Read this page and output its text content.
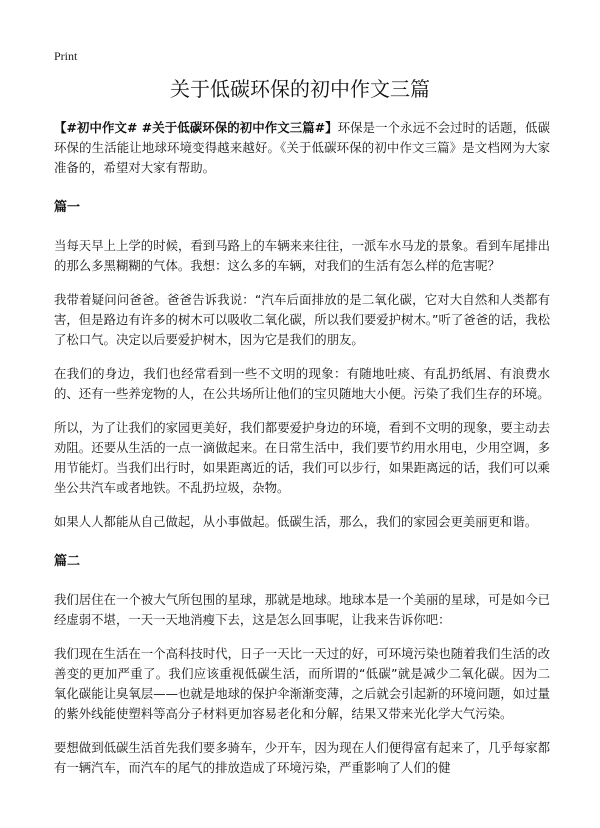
Print
关于低碳环保的初中作文三篇

【#初中作文# #关于低碳环保的初中作文三篇#】环保是一个永远不会过时的话题，低碳环保的生活能让地球环境变得越来越好。《关于低碳环保的初中作文三篇》是文档网为大家准备的，希望对大家有帮助。

篇一

当每天早上上学的时候，看到马路上的车辆来来往往，一派车水马龙的景象。看到车尾排出的那么多黑糊糊的气体。我想：这么多的车辆，对我们的生活有怎么样的危害呢？

我带着疑问问爸爸。爸爸告诉我说：“汽车后面排放的是二氧化碳，它对大自然和人类都有害，但是路边有许多的树木可以吸收二氧化碳，所以我们要爱护树木。”听了爸爸的话，我松了松口气。决定以后要爱护树木，因为它是我们的朋友。

在我们的身边，我们也经常看到一些不文明的现象：有随地吐痰、有乱扔纸屑、有浪费水的、还有一些养宠物的人，在公共场所让他们的宝贝随地大小便。污染了我们生存的环境。

所以，为了让我们的家园更美好，我们都要爱护身边的环境，看到不文明的现象，要主动去劝阻。还要从生活的一点一滴做起来。在日常生活中，我们要节约用水用电，少用空调，多用节能灯。当我们出行时，如果距离近的话，我们可以步行，如果距离远的话，我们可以乘坐公共汽车或者地铁。不乱扔垃圾，杂物。

如果人人都能从自己做起，从小事做起。低碳生活，那么，我们的家园会更美丽更和谐。

篇二

我们居住在一个被大气所包围的星球，那就是地球。地球本是一个美丽的星球，可是如今已经虚弱不堪，一天一天地消瘦下去，这是怎么回事呢，让我来告诉你吧：

我们现在生活在一个高科技时代，日子一天比一天过的好，可环境污染也随着我们生活的改善变的更加严重了。我们应该重视低碳生活，而所谓的“低碳”就是减少二氧化碳。因为二氧化碳能让臭氧层——也就是地球的保护伞渐渐变薄，之后就会引起新的环境问题，如过量的紫外线能使塑料等高分子材料更加容易老化和分解，结果又带来光化学大气污染。

要想做到低碳生活首先我们要多骑车，少开车，因为现在人们便得富有起来了，几乎每家都有一辆汽车，而汽车的尾气的排放造成了环境污染，严重影响了人们的健
